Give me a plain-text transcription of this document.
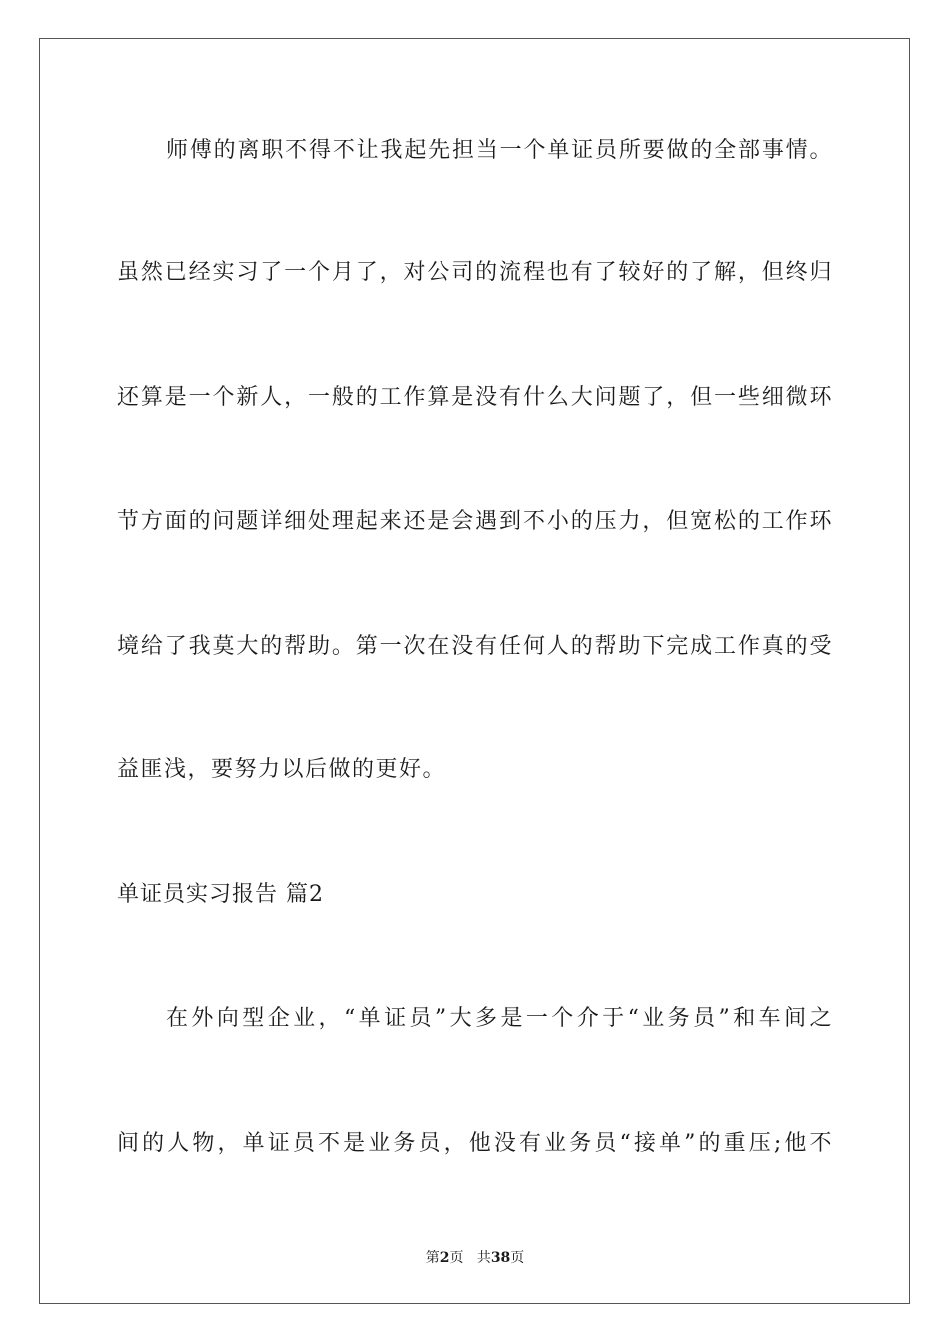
师傅的离职不得不让我起先担当一个单证员所要做的全部事情。
虽然已经实习了一个月了，对公司的流程也有了较好的了解，但终归
还算是一个新人，一般的工作算是没有什么大问题了，但一些细微环
节方面的问题详细处理起来还是会遇到不小的压力，但宽松的工作环
境给了我莫大的帮助。第一次在没有任何人的帮助下完成工作真的受
益匪浅，要努力以后做的更好。
单证员实习报告 篇2
在外向型企业，“单证员”大多是一个介于“业务员”和车间之
间的人物，单证员不是业务员，他没有业务员“接单”的重压;他不
第2页 共38页
